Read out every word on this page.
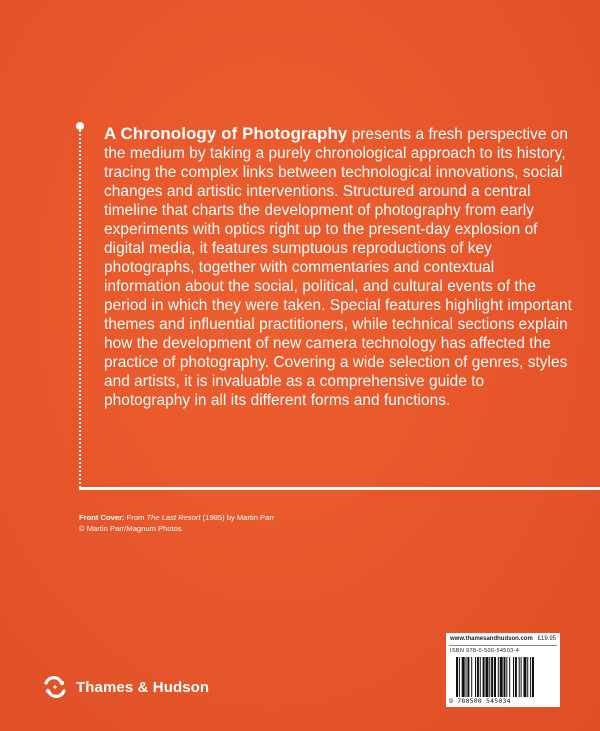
A Chronology of Photography presents a fresh perspective on the medium by taking a purely chronological approach to its history, tracing the complex links between technological innovations, social changes and artistic interventions. Structured around a central timeline that charts the development of photography from early experiments with optics right up to the present-day explosion of digital media, it features sumptuous reproductions of key photographs, together with commentaries and contextual information about the social, political, and cultural events of the period in which they were taken. Special features highlight important themes and influential practitioners, while technical sections explain how the development of new camera technology has affected the practice of photography. Covering a wide selection of genres, styles and artists, it is invaluable as a comprehensive guide to photography in all its different forms and functions.

Front Cover: From The Last Resort (1985) by Martin Parr
© Martin Parr/Magnum Photos
Thames & Hudson
www.thamesandhudson.com £19.95
ISBN 978-0-500-54503-4
9 780500 545034
